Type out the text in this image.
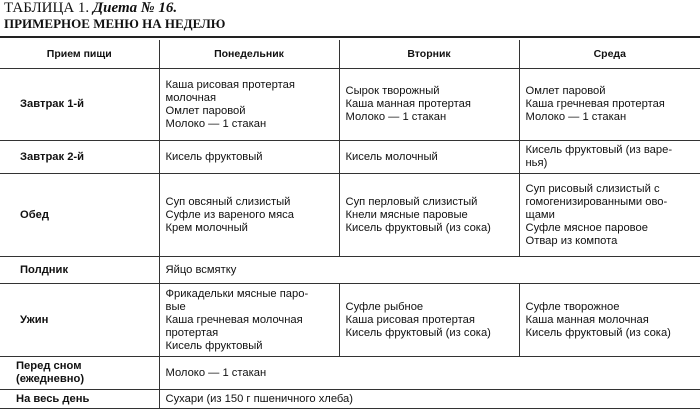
ТАБЛИЦА 1. Диета № 16.
ПРИМЕРНОЕ МЕНЮ НА НЕДЕЛЮ
Прием пищи	Понедельник	Вторник	Среда
Завтрак 1-й	Каша рисовая протертая
молочная
Омлет паровой
Молоко — 1 стакан	Сырок творожный
Каша манная протертая
Молоко — 1 стакан	Омлет паровой
Каша гречневая протертая
Молоко — 1 стакан

Завтрак 2-й	Кисель фруктовый	Кисель молочный	Кисель фруктовый (из варе-
нья)

Обед	Суп овсяный слизистый
Суфле из вареного мяса
Крем молочный	Суп перловый слизистый
Кнели мясные паровые
Кисель фруктовый (из сока)	Суп рисовый слизистый с
гомогенизированными ово-
щами
Суфле мясное паровое
Отвар из компота

Полдник	Яйцо всмятку		

Ужин	Фрикадельки мясные паро-
вые
Каша гречневая молочная
протертая
Кисель фруктовый	Суфле рыбное
Каша рисовая протертая
Кисель фруктовый (из сока)	Суфле творожное
Каша манная молочная
Кисель фруктовый (из сока)

Перед сном
(ежедневно)	Молоко — 1 стакан		

На весь день	Сухари (из 150 г пшеничного хлеба)		
